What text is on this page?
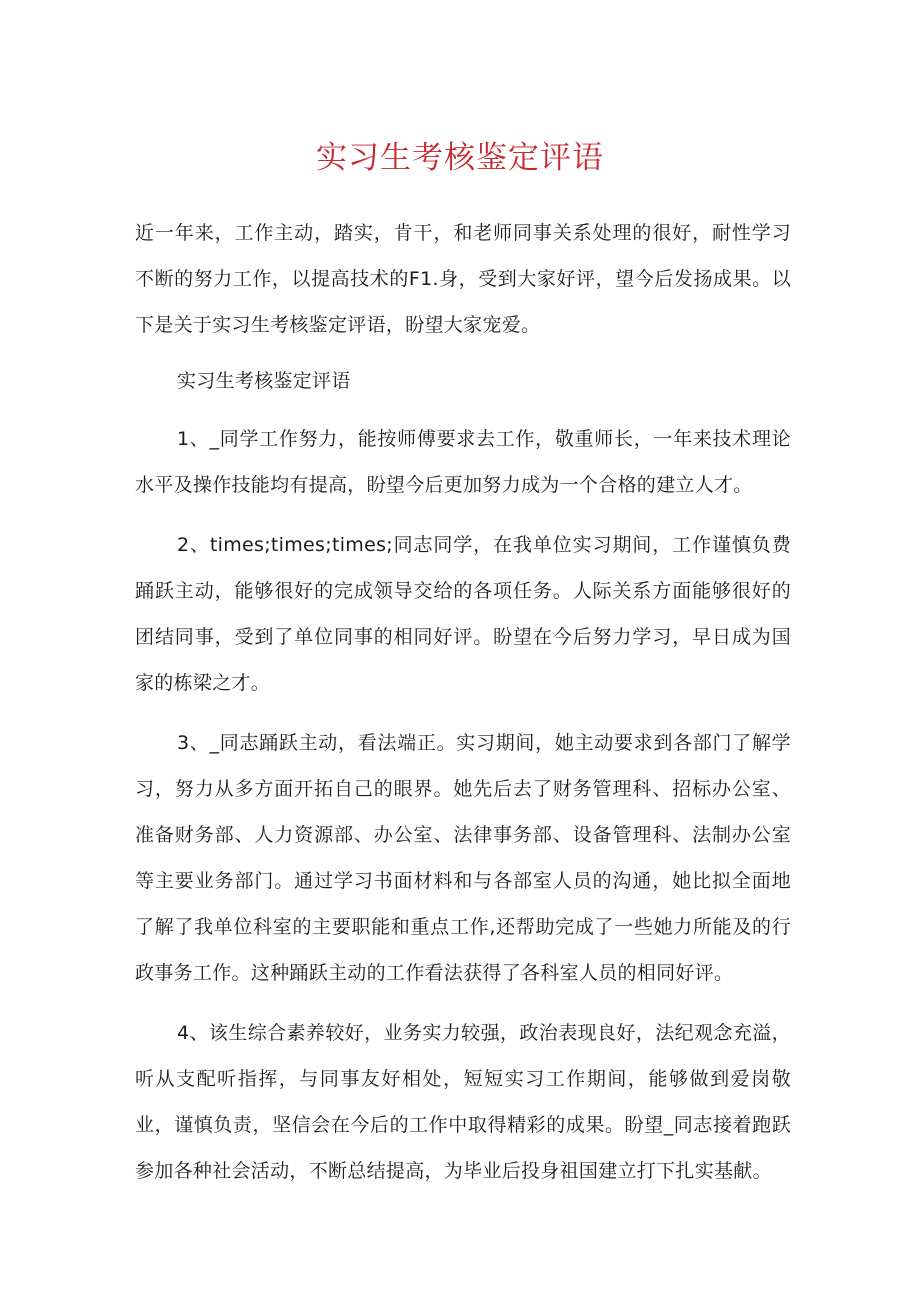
实习生考核鉴定评语

近一年来，工作主动，踏实，肯干，和老师同事关系处理的很好，耐性学习不断的努力工作，以提高技术的F1.身，受到大家好评，望今后发扬成果。以下是关于实习生考核鉴定评语，盼望大家宠爱。

实习生考核鉴定评语

1、_同学工作努力，能按师傅要求去工作，敬重师长，一年来技术理论水平及操作技能均有提高，盼望今后更加努力成为一个合格的建立人才。

2、times;times;times;同志同学，在我单位实习期间，工作谨慎负费踊跃主动，能够很好的完成领导交给的各项任务。人际关系方面能够很好的团结同事，受到了单位同事的相同好评。盼望在今后努力学习，早日成为国家的栋梁之才。

3、_同志踊跃主动，看法端正。实习期间，她主动要求到各部门了解学习，努力从多方面开拓自己的眼界。她先后去了财务管理科、招标办公室、准备财务部、人力资源部、办公室、法律事务部、设备管理科、法制办公室等主要业务部门。通过学习书面材料和与各部室人员的沟通，她比拟全面地了解了我单位科室的主要职能和重点工作,还帮助完成了一些她力所能及的行政事务工作。这种踊跃主动的工作看法获得了各科室人员的相同好评。

4、该生综合素养较好，业务实力较强，政治表现良好，法纪观念充溢，听从支配听指挥，与同事友好相处，短短实习工作期间，能够做到爱岗敬业，谨慎负责，坚信会在今后的工作中取得精彩的成果。盼望_同志接着跑跃参加各种社会活动，不断总结提高，为毕业后投身祖国建立打下扎实基献。
